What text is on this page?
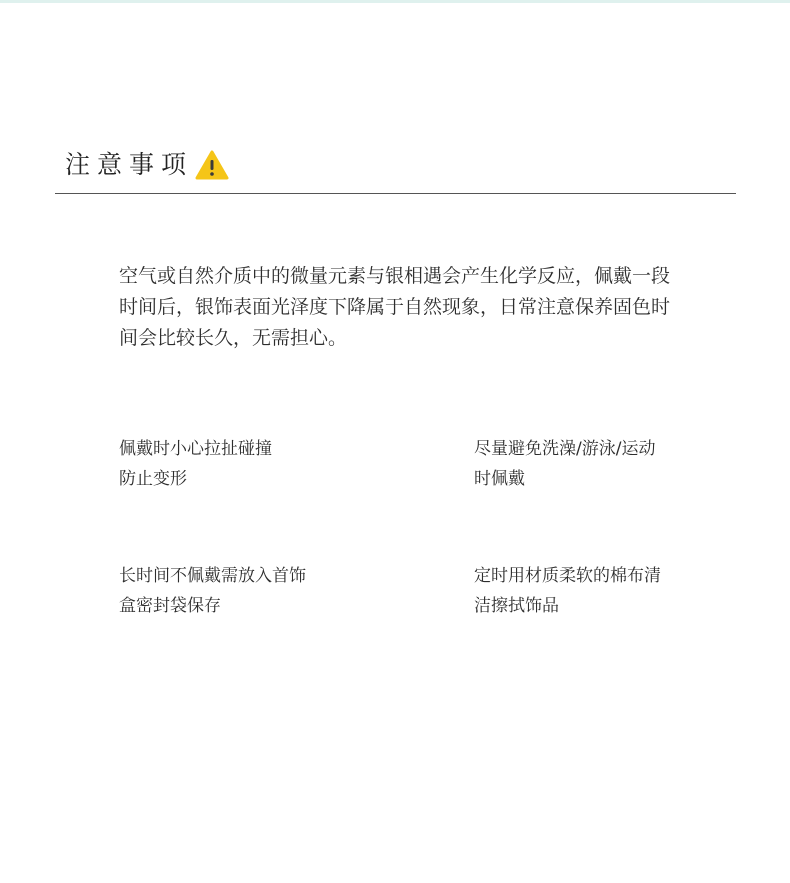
注意事项

空气或自然介质中的微量元素与银相遇会产生化学反应，佩戴一段时间后，银饰表面光泽度下降属于自然现象，日常注意保养固色时间会比较长久，无需担心。

佩戴时小心拉扯碰撞
防止变形
尽量避免洗澡/游泳/运动
时佩戴
长时间不佩戴需放入首饰
盒密封袋保存
定时用材质柔软的棉布清
洁擦拭饰品
